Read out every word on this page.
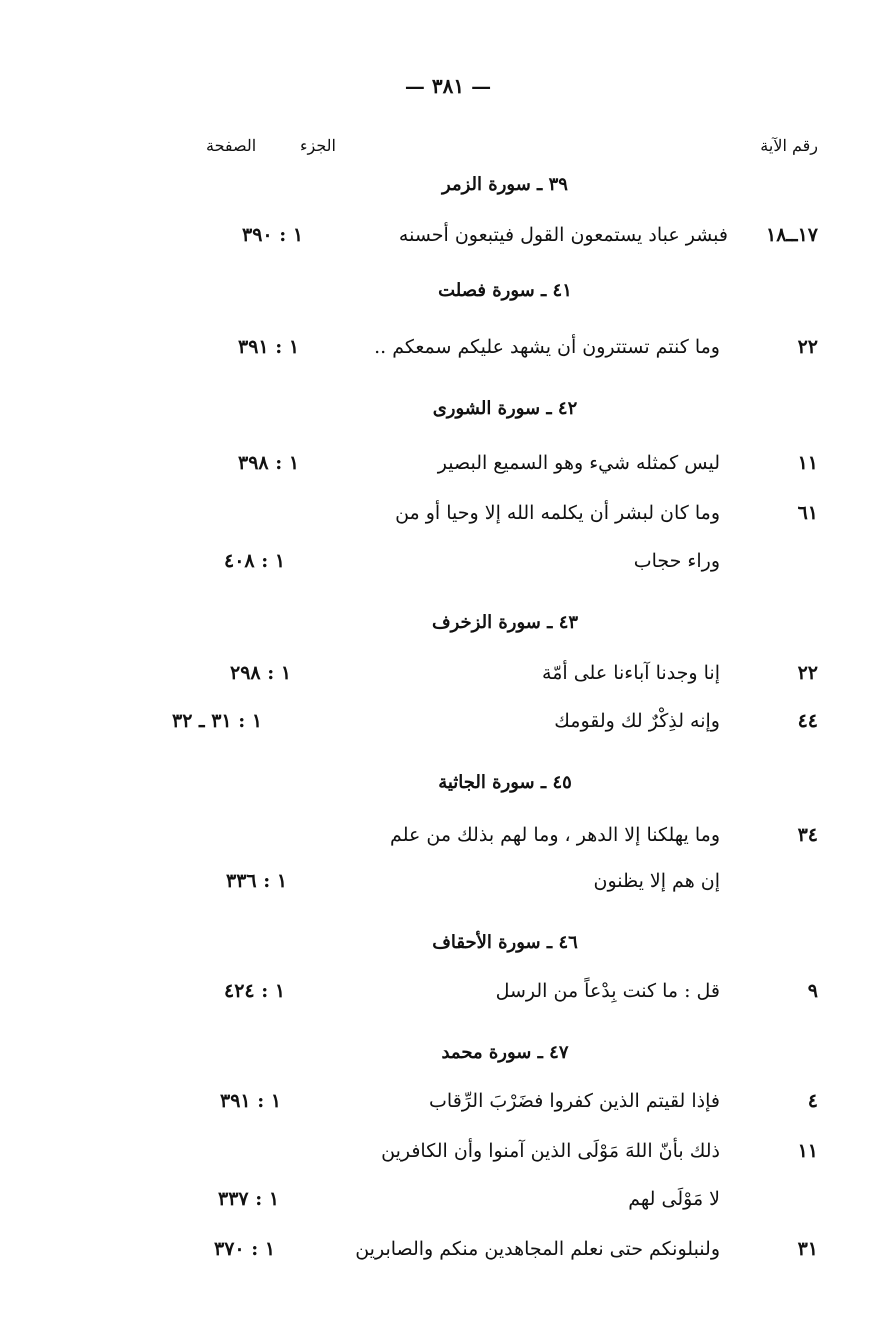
— ٣٨١ —
رقم الآية
الجزء
الصفحة
٣٩ ـ سورة الزمر
١٧ــ١٨
فبشر عباد يستمعون القول فيتبعون أحسنه
١ : ٣٩٠
٤١ ـ سورة فصلت
٢٢
وما كنتم تستترون أن يشهد عليكم سمعكم ..
١ : ٣٩١
٤٢ ـ سورة الشورى
١١
ليس كمثله شيء وهو السميع البصير
١ : ٣٩٨
٦١
وما كان لبشر أن يكلمه الله إلا وحيا أو من
وراء حجاب
١ : ٤٠٨
٤٣ ـ سورة الزخرف
٢٢
إنا وجدنا آباءنا على أمّة
١ : ٢٩٨
٤٤
وإنه لذِكْرٌ لك ولقومك
١ : ٣١ ـ ٣٢
٤٥ ـ سورة الجاثية
٣٤
وما يهلكنا إلا الدهر ، وما لهم بذلك من علم
إن هم إلا يظنون
١ : ٣٣٦
٤٦ ـ سورة الأحقاف
٩
قل : ما كنت بِدْعاً من الرسل
١ : ٤٢٤
٤٧ ـ سورة محمد
٤
فإذا لقيتم الذين كفروا فضَرْبَ الرِّقاب
١ : ٣٩١
١١
ذلك بأنّ اللهَ مَوْلَى الذين آمنوا وأن الكافرين
لا مَوْلَى لهم
١ : ٣٣٧
٣١
ولنبلونكم حتى نعلم المجاهدين منكم والصابرين
١ : ٣٧٠
